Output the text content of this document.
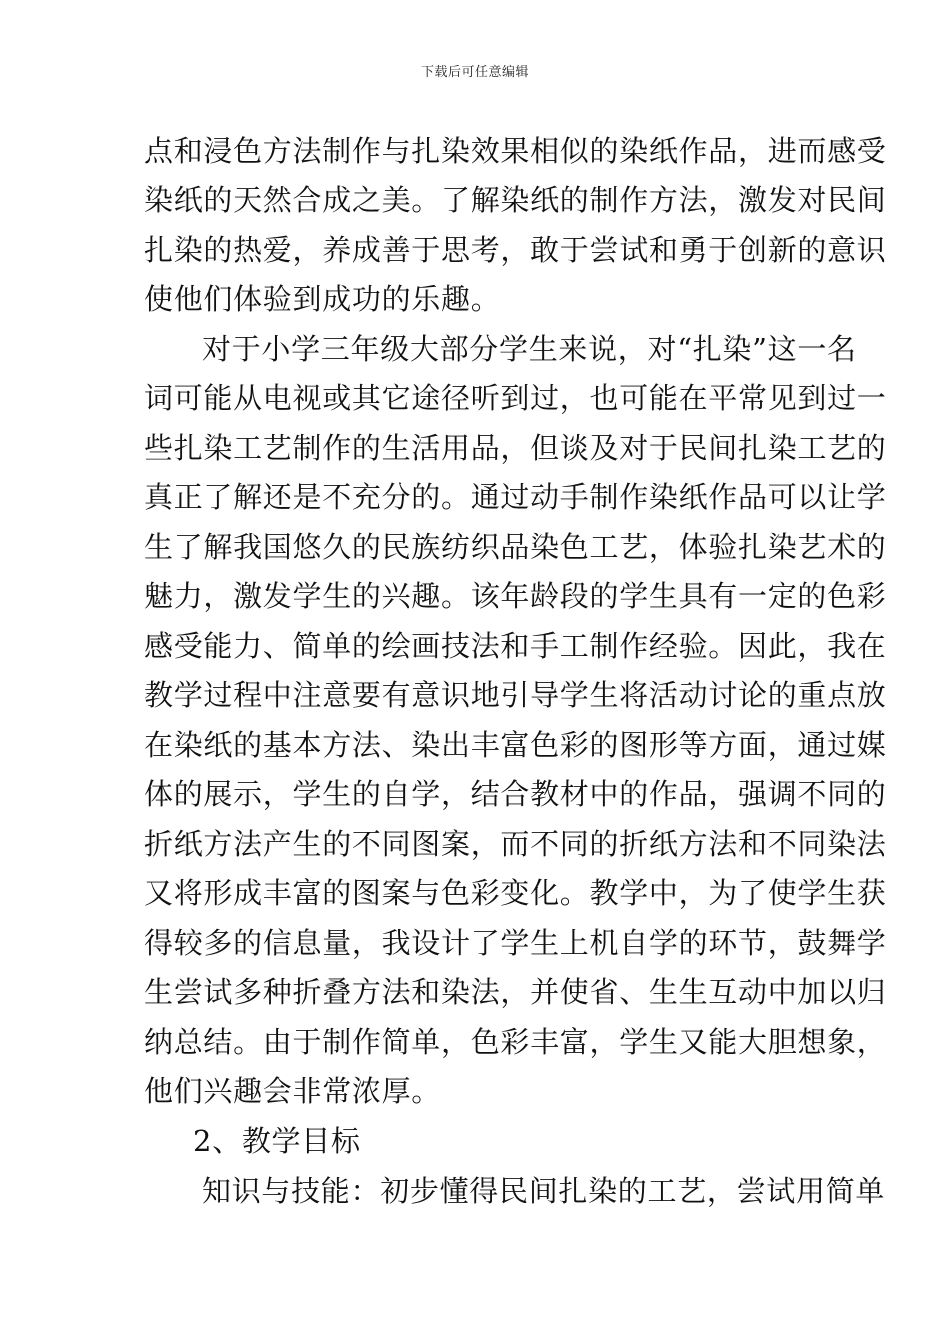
下载后可任意编辑
点和浸色方法制作与扎染效果相似的染纸作品，进而感受
染纸的天然合成之美。了解染纸的制作方法，激发对民间
扎染的热爱，养成善于思考，敢于尝试和勇于创新的意识
使他们体验到成功的乐趣。
对于小学三年级大部分学生来说，对“扎染”这一名
词可能从电视或其它途径听到过，也可能在平常见到过一
些扎染工艺制作的生活用品，但谈及对于民间扎染工艺的
真正了解还是不充分的。通过动手制作染纸作品可以让学
生了解我国悠久的民族纺织品染色工艺，体验扎染艺术的
魅力，激发学生的兴趣。该年龄段的学生具有一定的色彩
感受能力、简单的绘画技法和手工制作经验。因此，我在
教学过程中注意要有意识地引导学生将活动讨论的重点放
在染纸的基本方法、染出丰富色彩的图形等方面，通过媒
体的展示，学生的自学，结合教材中的作品，强调不同的
折纸方法产生的不同图案，而不同的折纸方法和不同染法
又将形成丰富的图案与色彩变化。教学中，为了使学生获
得较多的信息量，我设计了学生上机自学的环节，鼓舞学
生尝试多种折叠方法和染法，并使省、生生互动中加以归
纳总结。由于制作简单，色彩丰富，学生又能大胆想象，
他们兴趣会非常浓厚。
2、教学目标
知识与技能：初步懂得民间扎染的工艺，尝试用简单
